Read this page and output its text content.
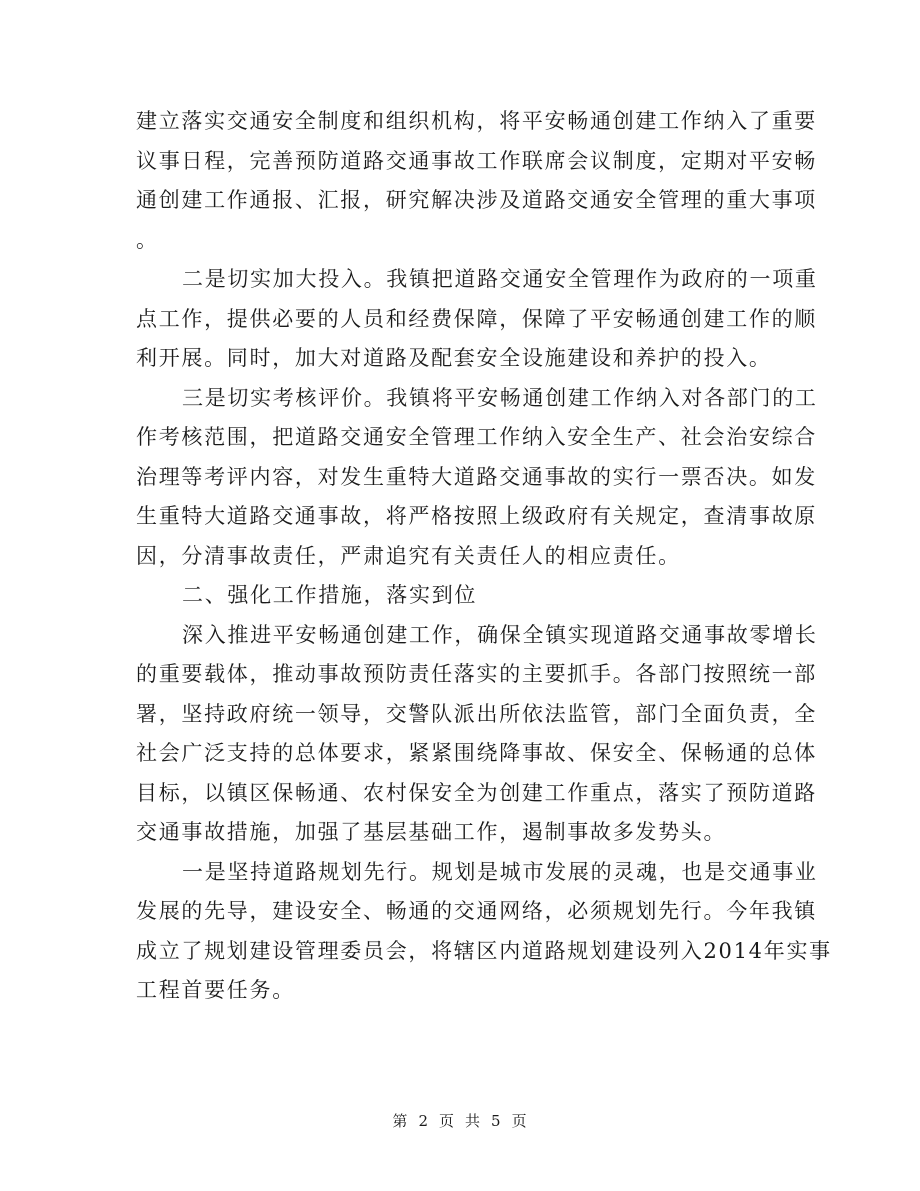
建立落实交通安全制度和组织机构，将平安畅通创建工作纳入了重要
议事日程，完善预防道路交通事故工作联席会议制度，定期对平安畅
通创建工作通报、汇报，研究解决涉及道路交通安全管理的重大事项
。
二是切实加大投入。我镇把道路交通安全管理作为政府的一项重
点工作，提供必要的人员和经费保障，保障了平安畅通创建工作的顺
利开展。同时，加大对道路及配套安全设施建设和养护的投入。
三是切实考核评价。我镇将平安畅通创建工作纳入对各部门的工
作考核范围，把道路交通安全管理工作纳入安全生产、社会治安综合
治理等考评内容，对发生重特大道路交通事故的实行一票否决。如发
生重特大道路交通事故，将严格按照上级政府有关规定，查清事故原
因，分清事故责任，严肃追究有关责任人的相应责任。
二、强化工作措施，落实到位
深入推进平安畅通创建工作，确保全镇实现道路交通事故零增长
的重要载体，推动事故预防责任落实的主要抓手。各部门按照统一部
署，坚持政府统一领导，交警队派出所依法监管，部门全面负责，全
社会广泛支持的总体要求，紧紧围绕降事故、保安全、保畅通的总体
目标，以镇区保畅通、农村保安全为创建工作重点，落实了预防道路
交通事故措施，加强了基层基础工作，遏制事故多发势头。
一是坚持道路规划先行。规划是城市发展的灵魂，也是交通事业
发展的先导，建设安全、畅通的交通网络，必须规划先行。今年我镇
成立了规划建设管理委员会，将辖区内道路规划建设列入2014年实事
工程首要任务。
第 2 页 共 5 页
